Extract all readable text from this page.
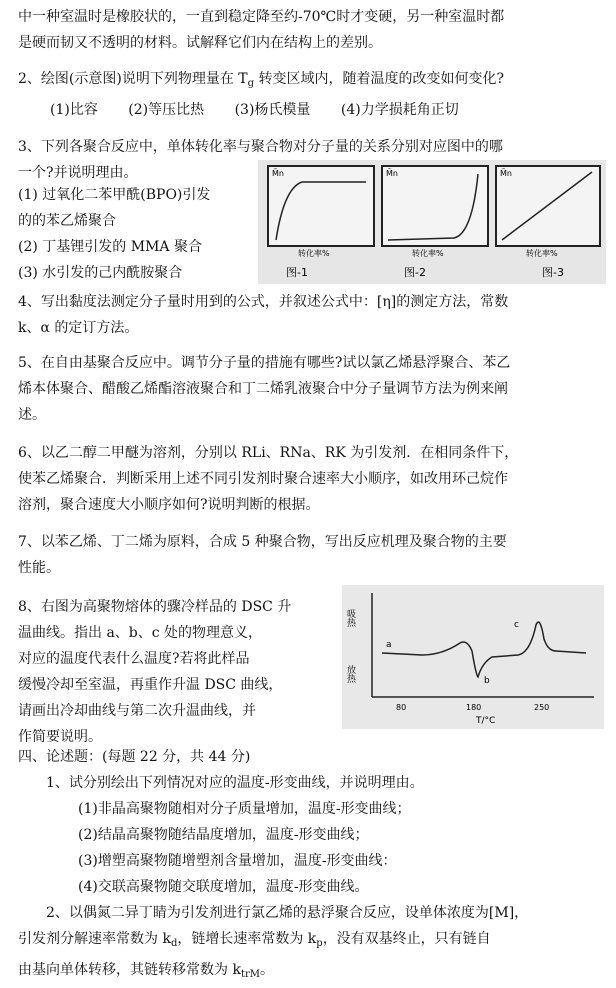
中一种室温时是橡胶状的，一直到稳定降至约-70℃时才变硬，另一种室温时都
是硬而韧又不透明的材料。试解释它们内在结构上的差别。
2、绘图(示意图)说明下列物理量在 $T_g$ 转变区域内，随着温度的改变如何变化?
(1)比容 (2)等压比热 (3)杨氏模量 (4)力学损耗角正切
3、下列各聚合反应中，单体转化率与聚合物对分子量的关系分别对应图中的哪
一个?并说明理由。
(1) 过氧化二苯甲酰(BPO)引发
的的苯乙烯聚合
(2) 丁基锂引发的 MMA 聚合
(3) 水引发的己内酰胺聚合
M̄n
转化率%
图-1
M̄n
转化率%
图-2
M̄n
转化率%
图-3
4、写出黏度法测定分子量时用到的公式，并叙述公式中：[η]的测定方法，常数
k、α 的定订方法。
5、在自由基聚合反应中。调节分子量的措施有哪些?试以氯乙烯悬浮聚合、苯乙
烯本体聚合、醋酸乙烯酯溶液聚合和丁二烯乳液聚合中分子量调节方法为例来阐
述。
6、以乙二醇二甲醚为溶剂，分别以 RLi、RNa、RK 为引发剂．在相同条件下，
使苯乙烯聚合．判断采用上述不同引发剂时聚合速率大小顺序，如改用环己烷作
溶剂，聚合速度大小顺序如何?说明判断的根据。
7、以苯乙烯、丁二烯为原料，合成 5 种聚合物，写出反应机理及聚合物的主要
性能。
8、右图为高聚物熔体的骤冷样品的 DSC 升
温曲线。指出 a、b、c 处的物理意义，
对应的温度代表什么温度?若将此样品
缓慢冷却至室温，再重作升温 DSC 曲线，
请画出冷却曲线与第二次升温曲线，并
作简要说明。
吸热
放热
a
b
c
80	180	250
T/°C
四、论述题：(每题 22 分，共 44 分)
1、试分别绘出下列情况对应的温度-形变曲线，并说明理由。
(1)非晶高聚物随相对分子质量增加，温度-形变曲线；
(2)结晶高聚物随结晶度增加，温度-形变曲线；
(3)增塑高聚物随增塑剂含量增加，温度-形变曲线：
(4)交联高聚物随交联度增加，温度-形变曲线。
2、以偶氮二异丁睛为引发剂进行氯乙烯的悬浮聚合反应，设单体浓度为[M]，
引发剂分解速率常数为 $k_d$，链增长速率常数为 $k_p$，没有双基终止，只有链自
由基向单体转移，其链转移常数为 $k_{trM}$。
